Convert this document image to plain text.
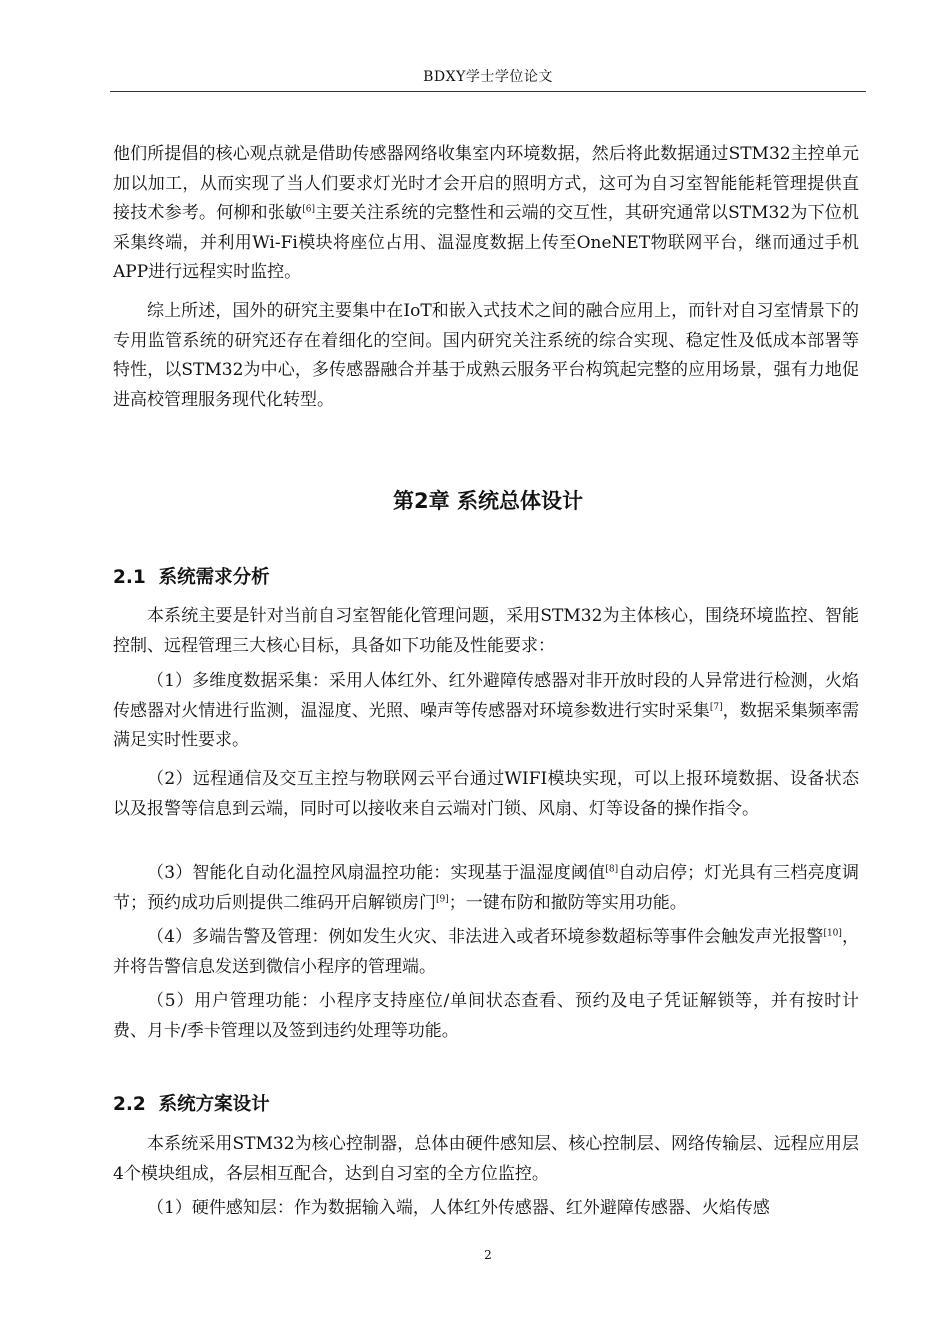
BDXY学士学位论文

他们所提倡的核心观点就是借助传感器网络收集室内环境数据，然后将此数据通过STM32主控单元加以加工，从而实现了当人们要求灯光时才会开启的照明方式，这可为自习室智能能耗管理提供直接技术参考。何柳和张敏[6]主要关注系统的完整性和云端的交互性，其研究通常以STM32为下位机采集终端，并利用Wi-Fi模块将座位占用、温湿度数据上传至OneNET物联网平台，继而通过手机APP进行远程实时监控。

综上所述，国外的研究主要集中在IoT和嵌入式技术之间的融合应用上，而针对自习室情景下的专用监管系统的研究还存在着细化的空间。国内研究关注系统的综合实现、稳定性及低成本部署等特性，以STM32为中心，多传感器融合并基于成熟云服务平台构筑起完整的应用场景，强有力地促进高校管理服务现代化转型。

第2章 系统总体设计
2.1 系统需求分析

本系统主要是针对当前自习室智能化管理问题，采用STM32为主体核心，围绕环境监控、智能控制、远程管理三大核心目标，具备如下功能及性能要求：

（1）多维度数据采集：采用人体红外、红外避障传感器对非开放时段的人异常进行检测，火焰传感器对火情进行监测，温湿度、光照、噪声等传感器对环境参数进行实时采集[7]，数据采集频率需满足实时性要求。

（2）远程通信及交互主控与物联网云平台通过WIFI模块实现，可以上报环境数据、设备状态以及报警等信息到云端，同时可以接收来自云端对门锁、风扇、灯等设备的操作指令。

（3）智能化自动化温控风扇温控功能：实现基于温湿度阈值[8]自动启停；灯光具有三档亮度调节；预约成功后则提供二维码开启解锁房门[9]；一键布防和撤防等实用功能。

（4）多端告警及管理：例如发生火灾、非法进入或者环境参数超标等事件会触发声光报警[10]，并将告警信息发送到微信小程序的管理端。

（5）用户管理功能：小程序支持座位/单间状态查看、预约及电子凭证解锁等，并有按时计费、月卡/季卡管理以及签到违约处理等功能。

2.2 系统方案设计

本系统采用STM32为核心控制器，总体由硬件感知层、核心控制层、网络传输层、远程应用层4个模块组成，各层相互配合，达到自习室的全方位监控。

（1）硬件感知层：作为数据输入端，人体红外传感器、红外避障传感器、火焰传感

2
